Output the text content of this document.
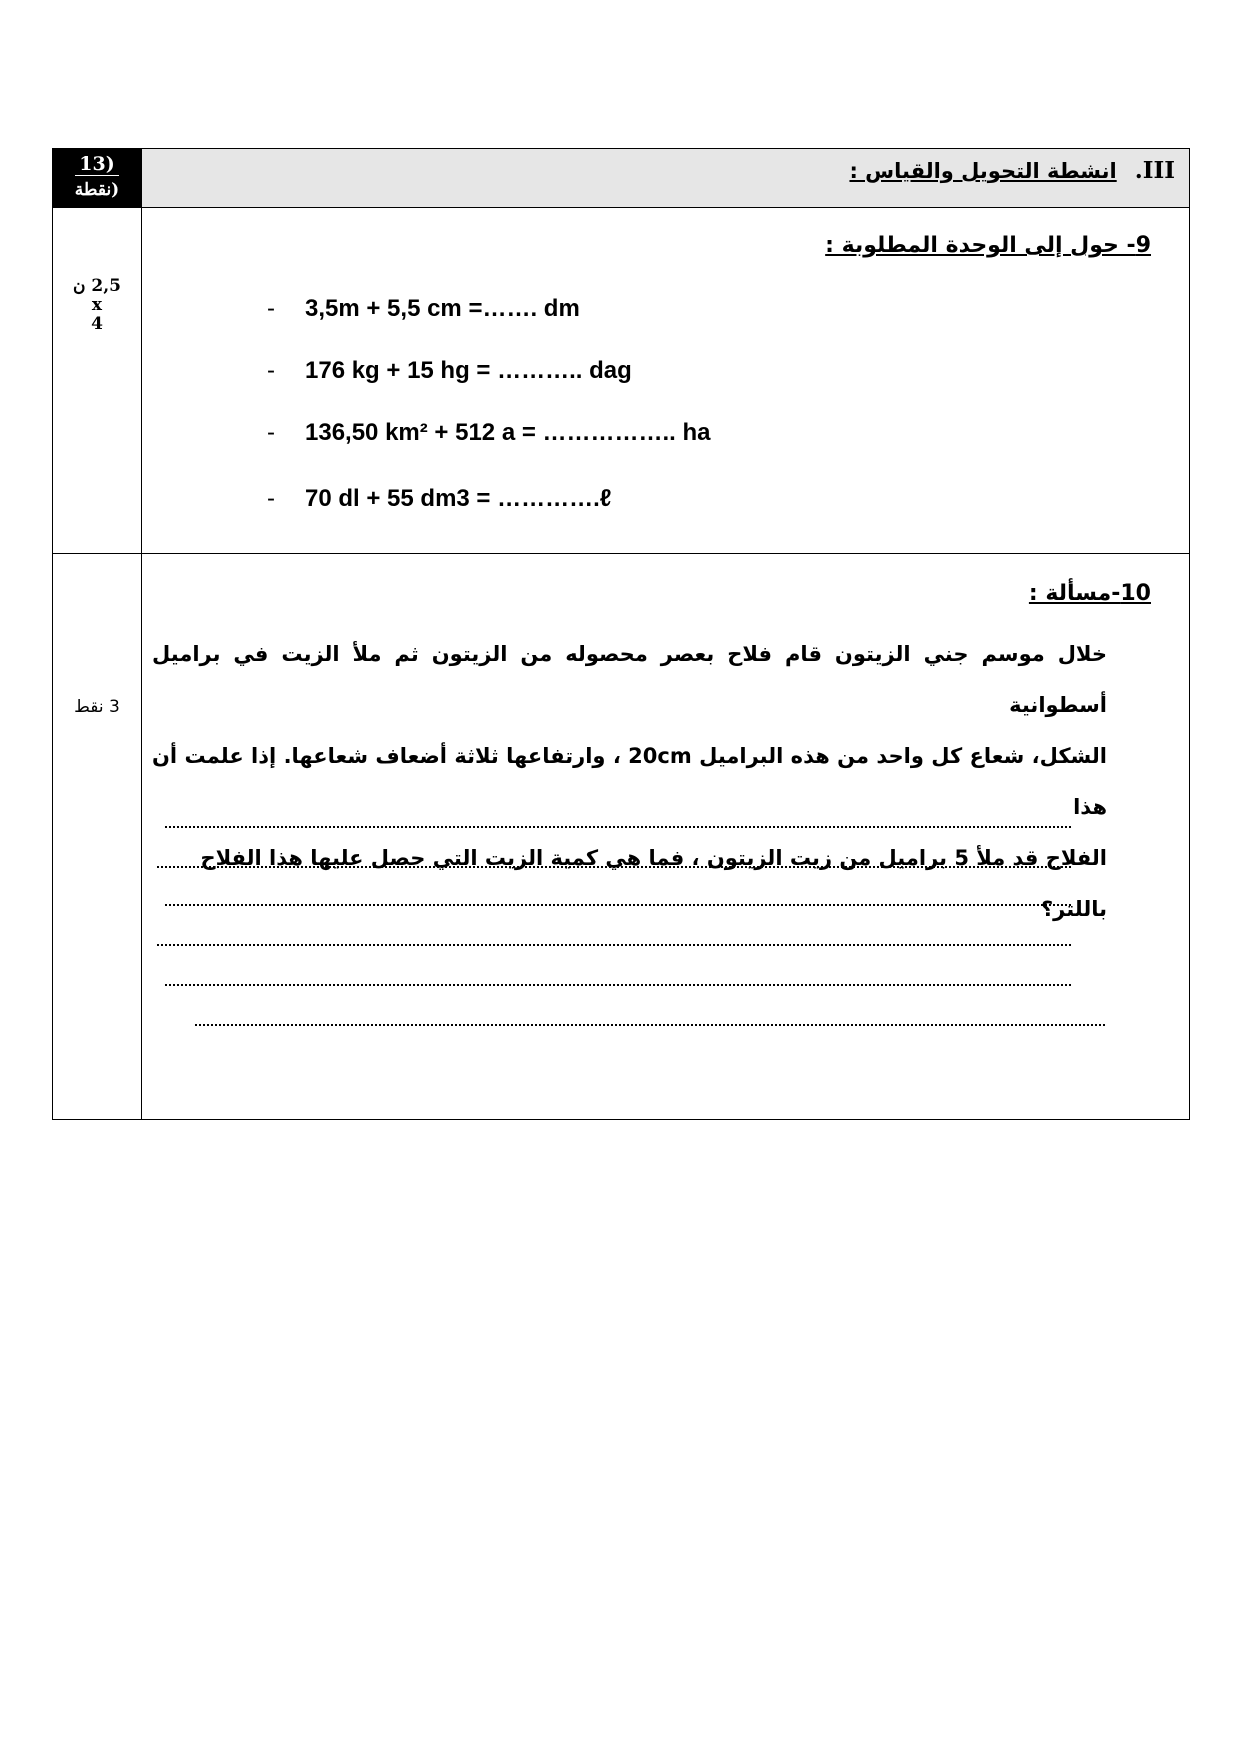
13)
نقطة)
III.انشطة التحويل والقياس :
2,5 ن
x
4
9- حول إلى الوحدة المطلوبة :
- 3,5m + 5,5 cm =……. dm
- 176 kg + 15 hg = ……….. dag
- 136,50 km² + 512 a = …………….. ha
- 70 dl + 55 dm3 = ………….ℓ
3 نقط
10-مسألة :
خلال موسم جني الزيتون قام فلاح بعصر محصوله من الزيتون ثم ملأ الزيت في براميل أسطوانية
الشكل، شعاع كل واحد من هذه البراميل 20cm ، وارتفاعها ثلاثة أضعاف شعاعها. إذا علمت أن هذا
الفلاح قد ملأ 5 براميل من زيت الزيتون ، فما هي كمية الزيت التي حصل عليها هذا الفلاح باللتر؟
